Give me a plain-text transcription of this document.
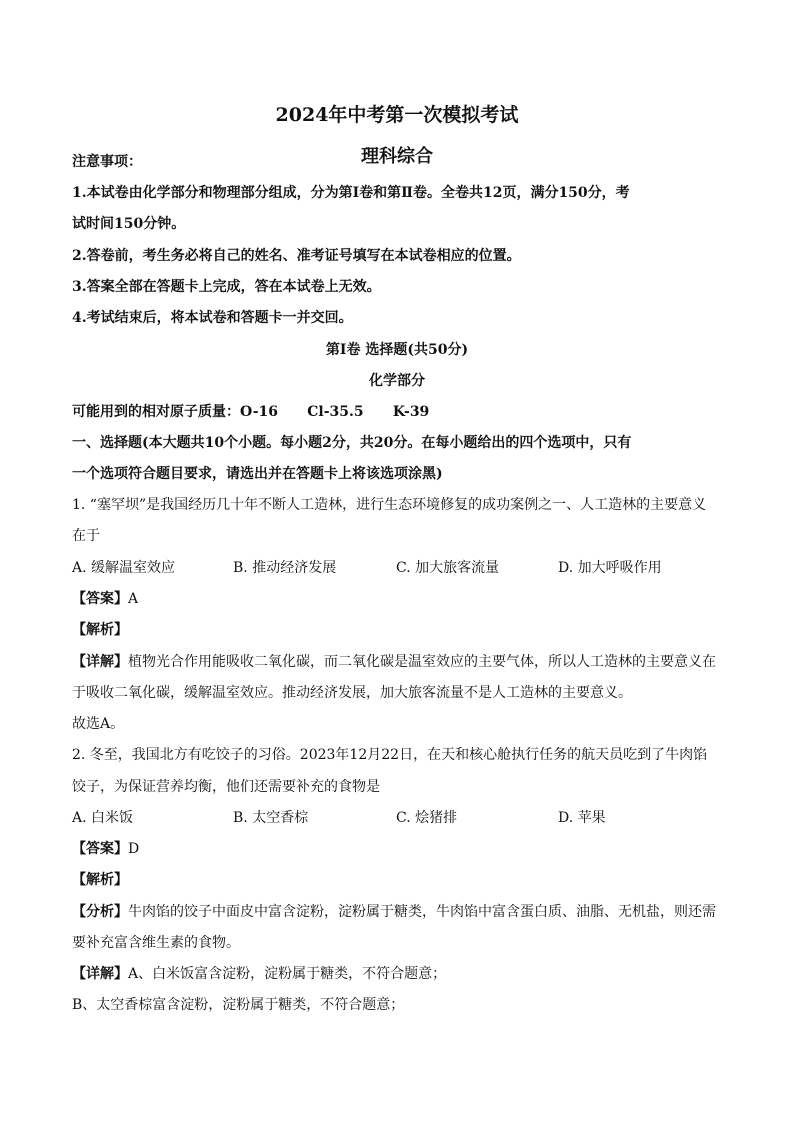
2024年中考第一次模拟考试
理科综合
注意事项：
1.本试卷由化学部分和物理部分组成，分为第Ⅰ卷和第Ⅱ卷。全卷共12页，满分150分，考
试时间150分钟。
2.答卷前，考生务必将自己的姓名、准考证号填写在本试卷相应的位置。
3.答案全部在答题卡上完成，答在本试卷上无效。
4.考试结束后，将本试卷和答题卡一并交回。
第Ⅰ卷 选择题(共50分)
化学部分
可能用到的相对原子质量：O-16      Cl-35.5      K-39
一、选择题(本大题共10个小题。每小题2分，共20分。在每小题给出的四个选项中，只有
一个选项符合题目要求，请选出并在答题卡上将该选项涂黑)
1. “塞罕坝”是我国经历几十年不断人工造林，进行生态环境修复的成功案例之一、人工造林的主要意义
在于
A. 缓解温室效应	B. 推动经济发展	C. 加大旅客流量	D. 加大呼吸作用
【答案】A
【解析】
【详解】植物光合作用能吸收二氧化碳，而二氧化碳是温室效应的主要气体，所以人工造林的主要意义在
于吸收二氧化碳，缓解温室效应。推动经济发展，加大旅客流量不是人工造林的主要意义。
故选A。
2. 冬至，我国北方有吃饺子的习俗。2023年12月22日，在天和核心舱执行任务的航天员吃到了牛肉馅
饺子，为保证营养均衡，他们还需要补充的食物是
A. 白米饭	B. 太空香棕	C. 烩猪排	D. 苹果
【答案】D
【解析】
【分析】牛肉馅的饺子中面皮中富含淀粉，淀粉属于糖类，牛肉馅中富含蛋白质、油脂、无机盐，则还需
要补充富含维生素的食物。
【详解】A、白米饭富含淀粉，淀粉属于糖类，不符合题意；
B、太空香棕富含淀粉，淀粉属于糖类，不符合题意；
